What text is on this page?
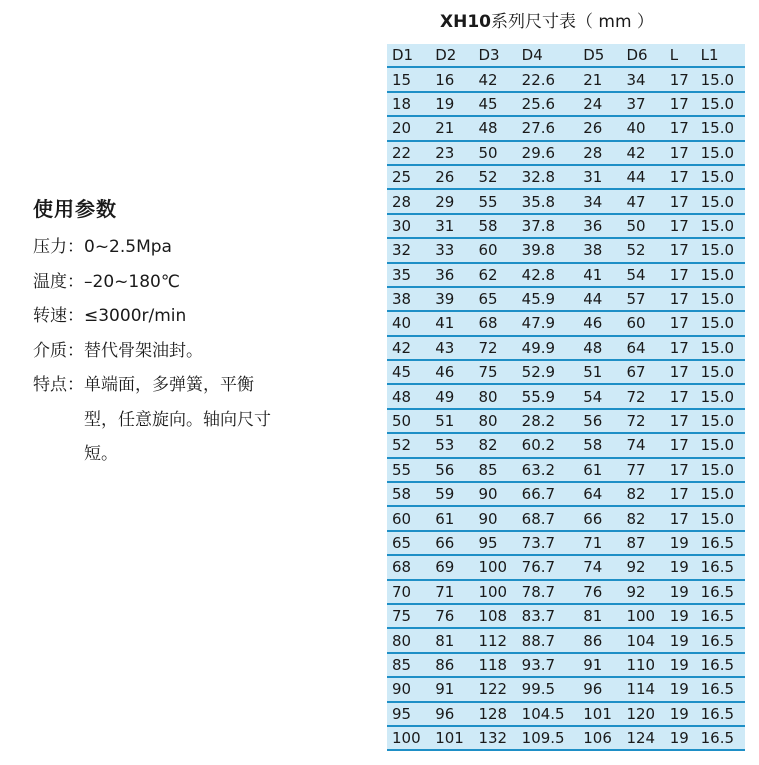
使用参数
压力： 0~2.5Mpa
温度： –20~180℃
转速： ≤3000r/min
介质： 替代骨架油封。
特点： 单端面，多弹簧，平衡型，任意旋向。轴向尺寸短。
XH10系列尺寸表（ mm ）
D1	D2	D3	D4	D5	D6	L	L1
15	16	42	22.6	21	34	17	15.0
18	19	45	25.6	24	37	17	15.0
20	21	48	27.6	26	40	17	15.0
22	23	50	29.6	28	42	17	15.0
25	26	52	32.8	31	44	17	15.0
28	29	55	35.8	34	47	17	15.0
30	31	58	37.8	36	50	17	15.0
32	33	60	39.8	38	52	17	15.0
35	36	62	42.8	41	54	17	15.0
38	39	65	45.9	44	57	17	15.0
40	41	68	47.9	46	60	17	15.0
42	43	72	49.9	48	64	17	15.0
45	46	75	52.9	51	67	17	15.0
48	49	80	55.9	54	72	17	15.0
50	51	80	28.2	56	72	17	15.0
52	53	82	60.2	58	74	17	15.0
55	56	85	63.2	61	77	17	15.0
58	59	90	66.7	64	82	17	15.0
60	61	90	68.7	66	82	17	15.0
65	66	95	73.7	71	87	19	16.5
68	69	100	76.7	74	92	19	16.5
70	71	100	78.7	76	92	19	16.5
75	76	108	83.7	81	100	19	16.5
80	81	112	88.7	86	104	19	16.5
85	86	118	93.7	91	110	19	16.5
90	91	122	99.5	96	114	19	16.5
95	96	128	104.5	101	120	19	16.5
100	101	132	109.5	106	124	19	16.5
